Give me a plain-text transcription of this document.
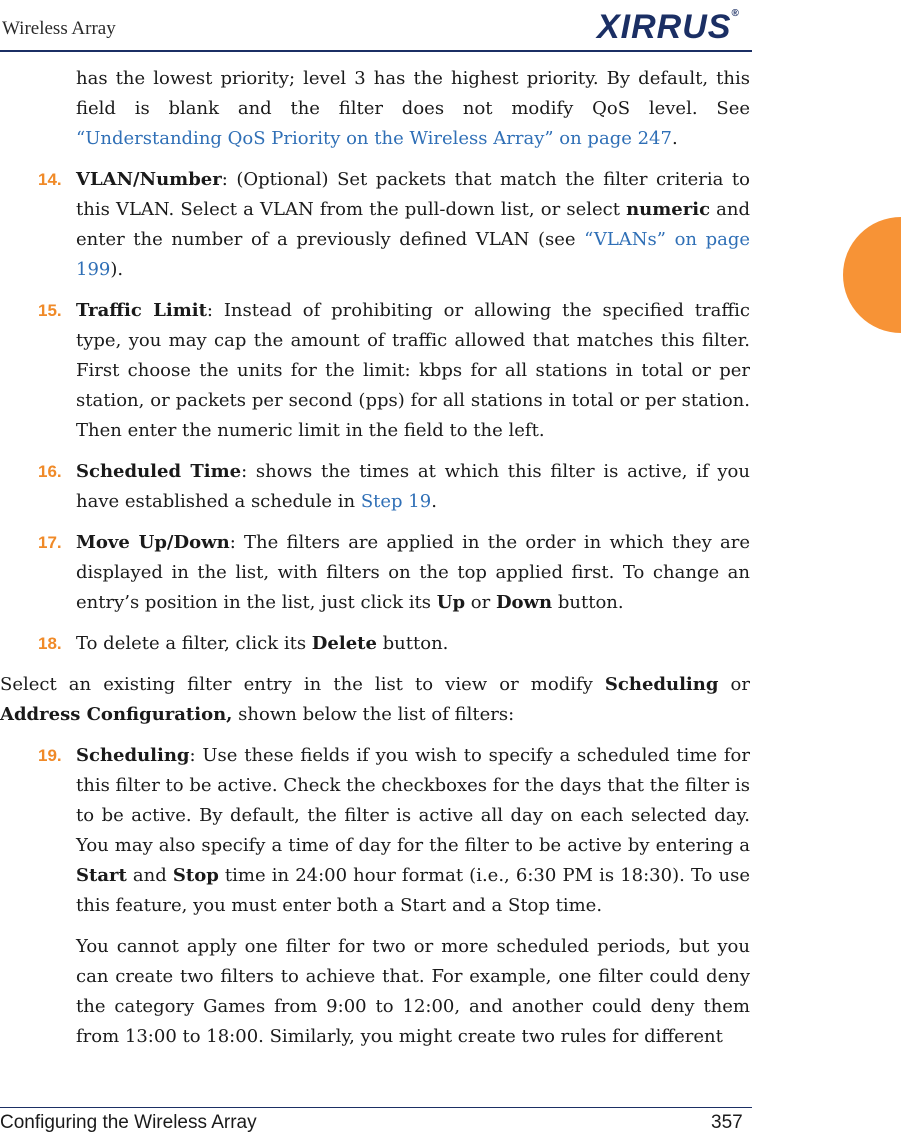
Wireless Array	XIRRUS®

has the lowest priority; level 3 has the highest priority. By default, this field is blank and the filter does not modify QoS level. See “Understanding QoS Priority on the Wireless Array” on page 247.

14. VLAN/Number: (Optional) Set packets that match the filter criteria to this VLAN. Select a VLAN from the pull-down list, or select numeric and enter the number of a previously defined VLAN (see “VLANs” on page 199).

15. Traffic Limit: Instead of prohibiting or allowing the specified traffic type, you may cap the amount of traffic allowed that matches this filter. First choose the units for the limit: kbps for all stations in total or per station, or packets per second (pps) for all stations in total or per station. Then enter the numeric limit in the field to the left.

16. Scheduled Time: shows the times at which this filter is active, if you have established a schedule in Step 19.

17. Move Up/Down: The filters are applied in the order in which they are displayed in the list, with filters on the top applied first. To change an entry’s position in the list, just click its Up or Down button.

18. To delete a filter, click its Delete button.

Select an existing filter entry in the list to view or modify Scheduling or Address Configuration, shown below the list of filters:

19. Scheduling: Use these fields if you wish to specify a scheduled time for this filter to be active. Check the checkboxes for the days that the filter is to be active. By default, the filter is active all day on each selected day. You may also specify a time of day for the filter to be active by entering a Start and Stop time in 24:00 hour format (i.e., 6:30 PM is 18:30). To use this feature, you must enter both a Start and a Stop time.

You cannot apply one filter for two or more scheduled periods, but you can create two filters to achieve that. For example, one filter could deny the category Games from 9:00 to 12:00, and another could deny them from 13:00 to 18:00. Similarly, you might create two rules for different

Configuring the Wireless Array	357
